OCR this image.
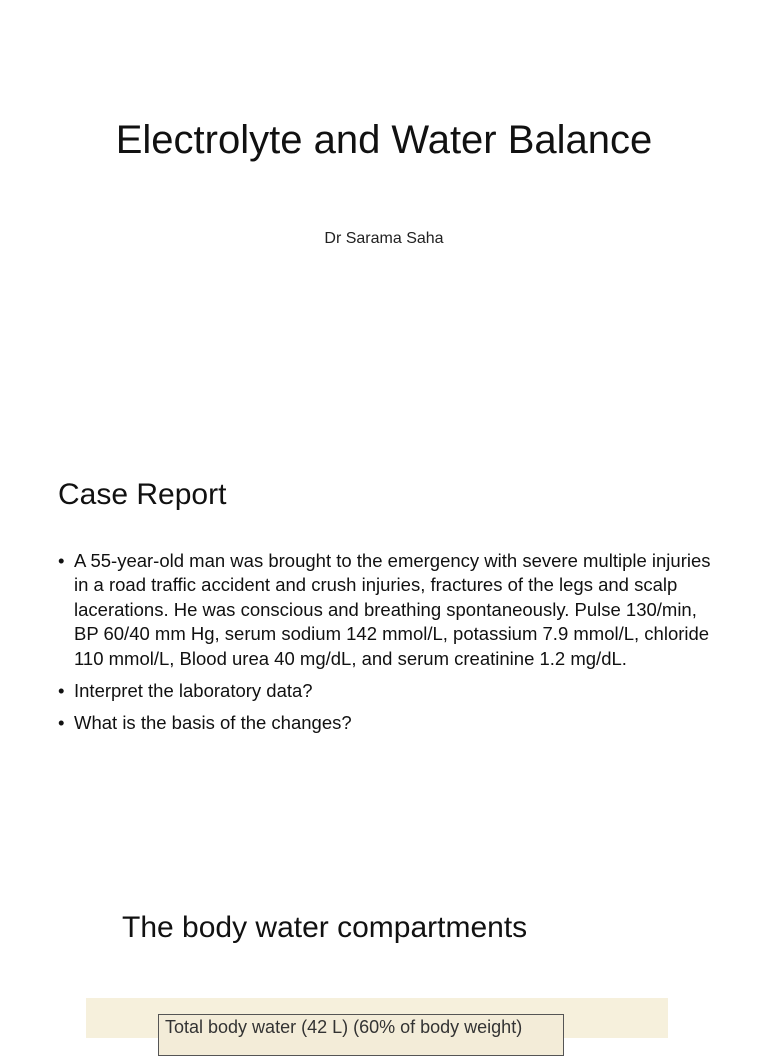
Electrolyte and Water Balance
Dr Sarama Saha
Case Report
• A 55-year-old man was brought to the emergency with severe multiple injuries in a road traffic accident and crush injuries, fractures of the legs and scalp lacerations. He was conscious and breathing spontaneously. Pulse 130/min, BP 60/40 mm Hg, serum sodium 142 mmol/L, potassium 7.9 mmol/L, chloride 110 mmol/L, Blood urea 40 mg/dL, and serum creatinine 1.2 mg/dL.
• Interpret the laboratory data?
• What is the basis of the changes?
The body water compartments
Total body water (42 L) (60% of body weight)
